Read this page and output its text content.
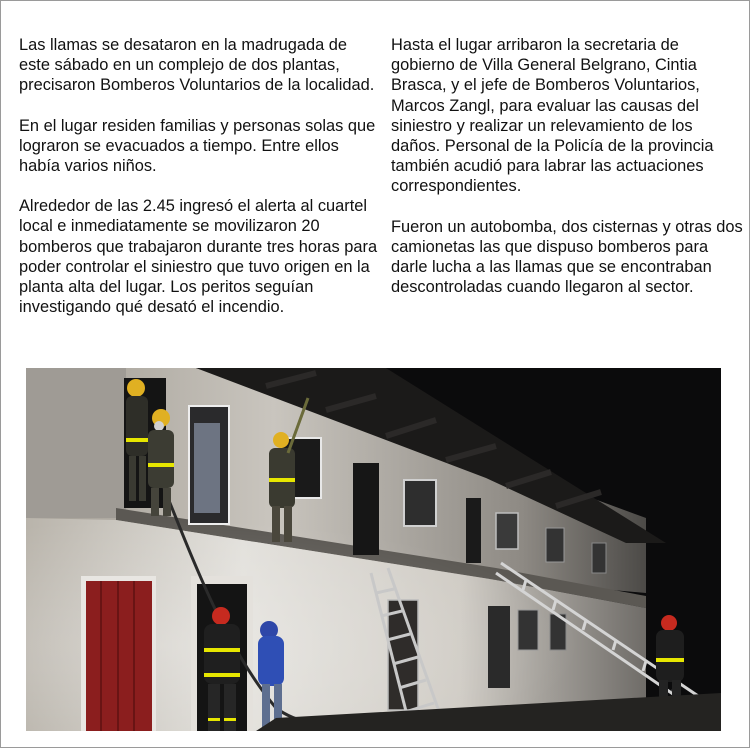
Las llamas se desataron en la madrugada de este sábado en un complejo de dos plantas, precisaron Bomberos Voluntarios de la localidad.

En el lugar residen familias y personas solas que lograron se evacuados a tiempo. Entre ellos había varios niños.

Alrededor de las 2.45 ingresó el alerta al cuartel local e inmediatamente se movilizaron 20 bomberos que trabajaron durante tres horas para poder controlar el siniestro que tuvo origen en la planta alta del lugar. Los peritos seguían investigando qué desató el incendio.

Hasta el lugar arribaron la secretaria de gobierno de Villa General Belgrano, Cintia Brasca, y el jefe de Bomberos Voluntarios, Marcos Zangl, para evaluar las causas del siniestro y realizar un relevamiento de los daños. Personal de la Policía de la provincia también acudió para labrar las actuaciones correspondientes.

Fueron un autobomba, dos cisternas y otras dos camionetas las que dispuso bomberos para darle lucha a las llamas que se encontraban descontroladas cuando llegaron al sector.
